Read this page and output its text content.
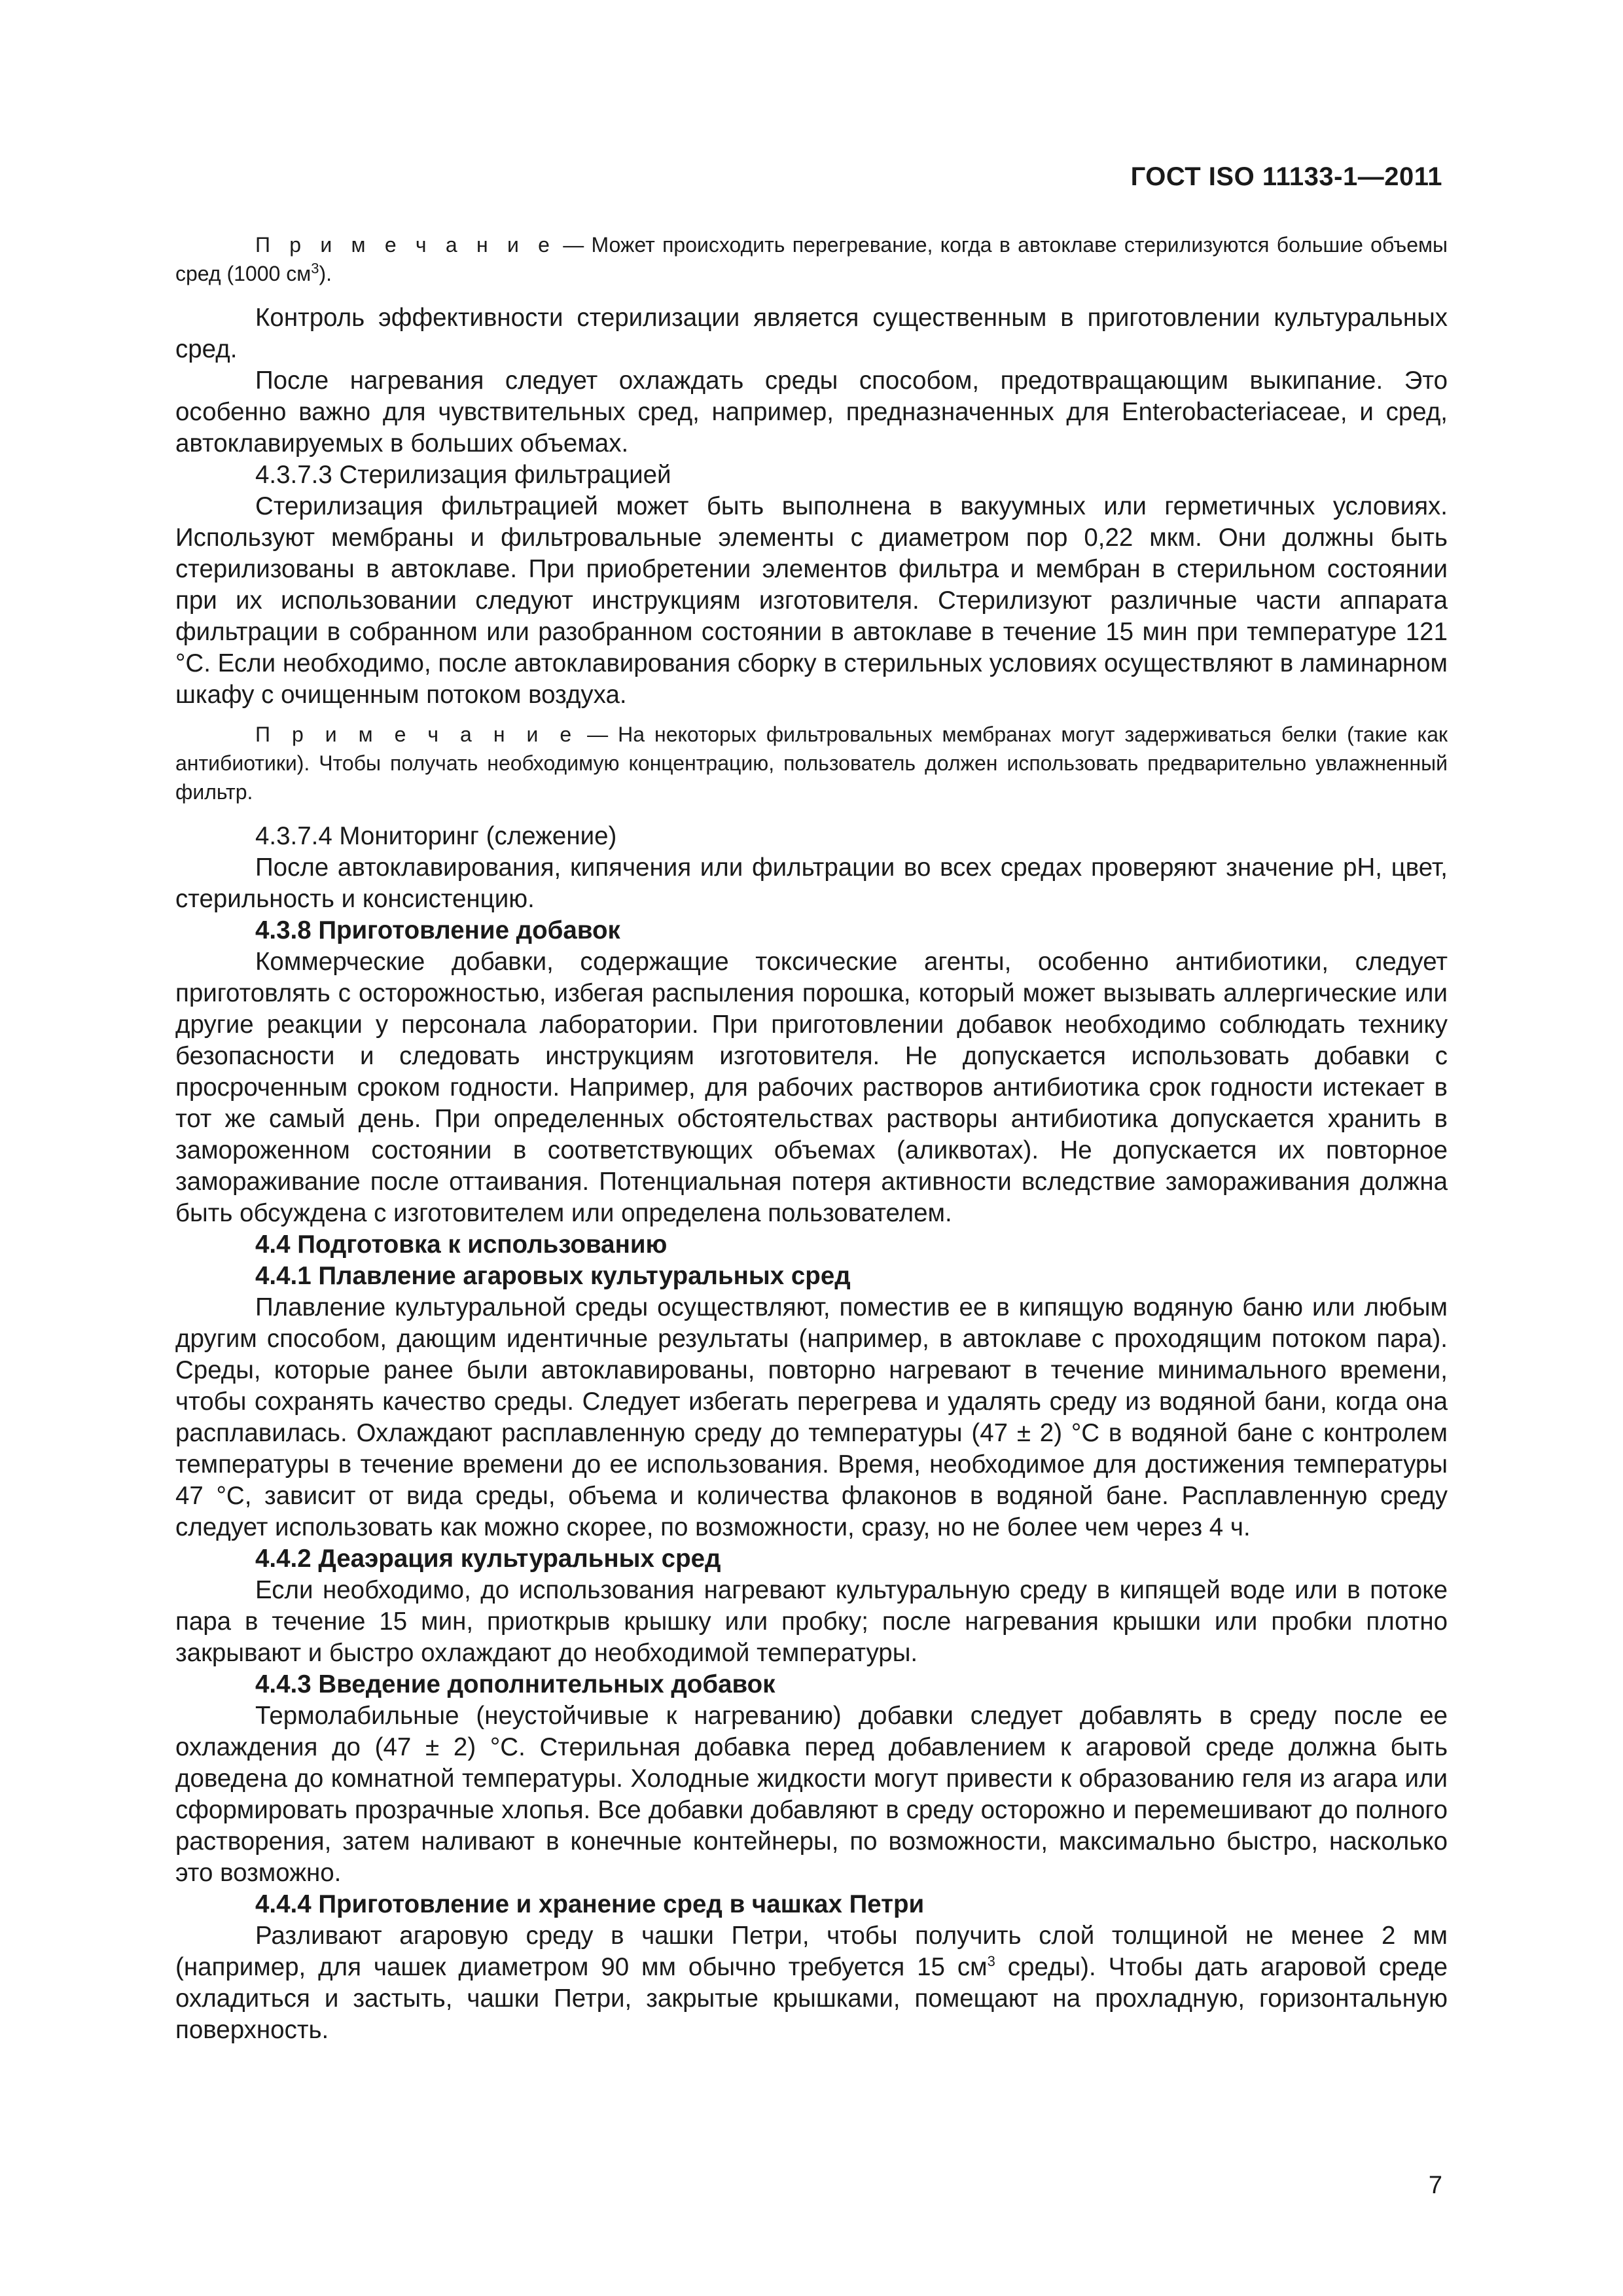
ГОСТ ISO 11133-1—2011

П р и м е ч а н и е — Может происходить перегревание, когда в автоклаве стерилизуются большие объемы сред (1000 $см^3$).

Контроль эффективности стерилизации является существенным в приготовлении культуральных сред.

После нагревания следует охлаждать среды способом, предотвращающим выкипание. Это особенно важно для чувствительных сред, например, предназначенных для Enterobacteriaceae, и сред, автоклавируемых в больших объемах.

4.3.7.3 Стерилизация фильтрацией

Стерилизация фильтрацией может быть выполнена в вакуумных или герметичных условиях. Используют мембраны и фильтровальные элементы с диаметром пор 0,22 мкм. Они должны быть стерилизованы в автоклаве. При приобретении элементов фильтра и мембран в стерильном состоянии при их использовании следуют инструкциям изготовителя. Стерилизуют различные части аппарата фильтрации в собранном или разобранном состоянии в автоклаве в течение 15 мин при температуре 121 °С. Если необходимо, после автоклавирования сборку в стерильных условиях осуществляют в ламинарном шкафу с очищенным потоком воздуха.

П р и м е ч а н и е — На некоторых фильтровальных мембранах могут задерживаться белки (такие как антибиотики). Чтобы получать необходимую концентрацию, пользователь должен использовать предварительно увлажненный фильтр.

4.3.7.4 Мониторинг (слежение)

После автоклавирования, кипячения или фильтрации во всех средах проверяют значение pH, цвет, стерильность и консистенцию.

4.3.8 Приготовление добавок

Коммерческие добавки, содержащие токсические агенты, особенно антибиотики, следует приготовлять с осторожностью, избегая распыления порошка, который может вызывать аллергические или другие реакции у персонала лаборатории. При приготовлении добавок необходимо соблюдать технику безопасности и следовать инструкциям изготовителя. Не допускается использовать добавки с просроченным сроком годности. Например, для рабочих растворов антибиотика срок годности истекает в тот же самый день. При определенных обстоятельствах растворы антибиотика допускается хранить в замороженном состоянии в соответствующих объемах (аликвотах). Не допускается их повторное замораживание после оттаивания. Потенциальная потеря активности вследствие замораживания должна быть обсуждена с изготовителем или определена пользователем.

4.4 Подготовка к использованию

4.4.1 Плавление агаровых культуральных сред

Плавление культуральной среды осуществляют, поместив ее в кипящую водяную баню или любым другим способом, дающим идентичные результаты (например, в автоклаве с проходящим потоком пара). Среды, которые ранее были автоклавированы, повторно нагревают в течение минимального времени, чтобы сохранять качество среды. Следует избегать перегрева и удалять среду из водяной бани, когда она расплавилась. Охлаждают расплавленную среду до температуры (47 ± 2) °С в водяной бане с контролем температуры в течение времени до ее использования. Время, необходимое для достижения температуры 47 °С, зависит от вида среды, объема и количества флаконов в водяной бане. Расплавленную среду следует использовать как можно скорее, по возможности, сразу, но не более чем через 4 ч.

4.4.2 Деаэрация культуральных сред

Если необходимо, до использования нагревают культуральную среду в кипящей воде или в потоке пара в течение 15 мин, приоткрыв крышку или пробку; после нагревания крышки или пробки плотно закрывают и быстро охлаждают до необходимой температуры.

4.4.3 Введение дополнительных добавок

Термолабильные (неустойчивые к нагреванию) добавки следует добавлять в среду после ее охлаждения до (47 ± 2) °С. Стерильная добавка перед добавлением к агаровой среде должна быть доведена до комнатной температуры. Холодные жидкости могут привести к образованию геля из агара или сформировать прозрачные хлопья. Все добавки добавляют в среду осторожно и перемешивают до полного растворения, затем наливают в конечные контейнеры, по возможности, максимально быстро, насколько это возможно.

4.4.4 Приготовление и хранение сред в чашках Петри

Разливают агаровую среду в чашки Петри, чтобы получить слой толщиной не менее 2 мм (например, для чашек диаметром 90 мм обычно требуется 15 $см^3$ среды). Чтобы дать агаровой среде охладиться и застыть, чашки Петри, закрытые крышками, помещают на прохладную, горизонтальную поверхность.

7
